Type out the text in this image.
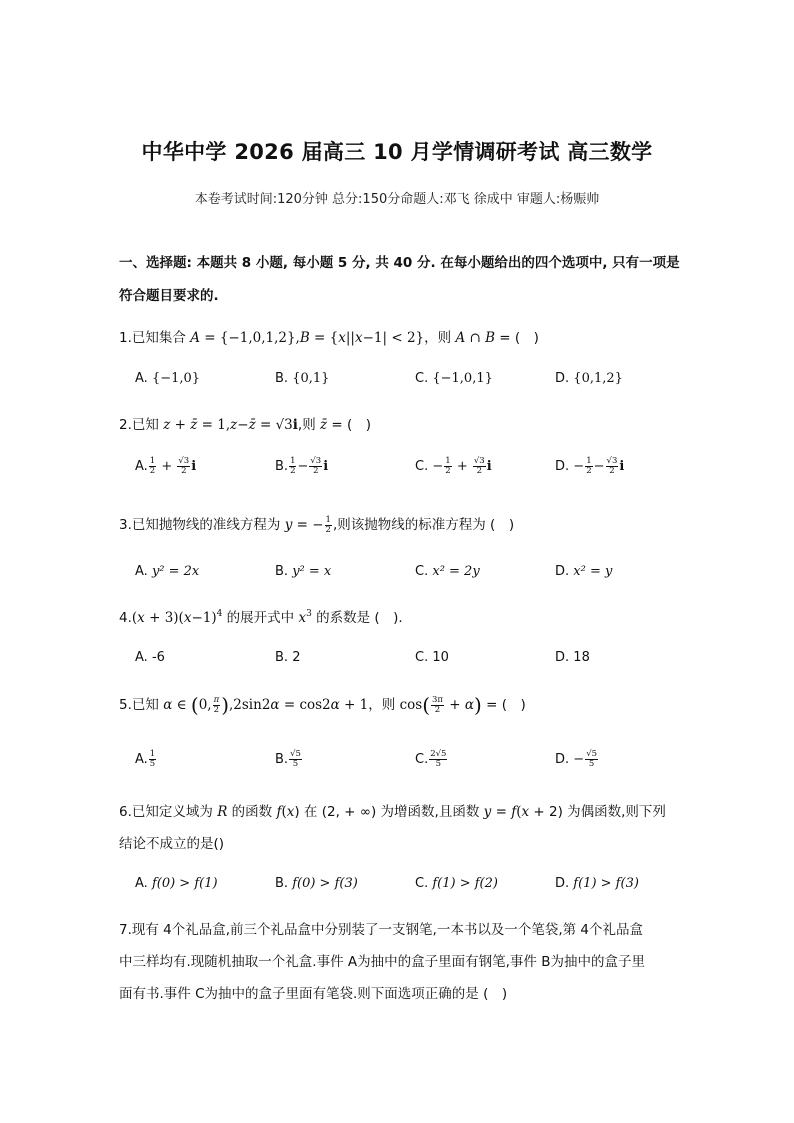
中华中学 2026 届高三 10 月学情调研考试 高三数学
本卷考试时间:120分钟 总分:150分命题人:邓飞 徐成中 审题人:杨赈帅
一、选择题: 本题共 8 小题, 每小题 5 分, 共 40 分. 在每小题给出的四个选项中, 只有一项是
符合题目要求的.
1.已知集合 A = {−1,0,1,2},B = {x||x−1| < 2}，则 A ∩ B = (　)
A. {−1,0}	B. {0,1}	C. {−1,0,1}	D. {0,1,2}
2.已知 z + z̄ = 1,z−z̄ = √3i,则 z̄ = (　)
A. $\frac{1}{2} + \frac{√3}{2}$ i	B. $\frac{1}{2} - \frac{√3}{2}$ i	C. − $\frac{1}{2} + \frac{√3}{2}$ i	D. − $\frac{1}{2} - \frac{√3}{2}$ i
3.已知抛物线的准线方程为 y = − $\frac{1}{2}$ ,则该抛物线的标准方程为 (　)
A. y² = 2x	B. y² = x	C. x² = 2y	D. x² = y
$4.(x + 3)(x-1)^4$ 的展开式中 $x^3$ 的系数是 (　).
A. -6	B. 2	C. 10	D. 18
5.已知 α ∈ (0, $\frac{\pi}{2} ),2\sin 2\alpha = \cos 2\alpha + 1$，则 $\cos( \frac{3\pi}{2} + \alpha)$ = (　)
A. $\frac{1}{5}$	B. $\frac{√5}{5}$	C. $\frac{2√5}{5}$	D. − $\frac{√5}{5}$
6.已知定义域为 R 的函数 f(x) 在 (2, + ∞) 为增函数,且函数 y = f(x + 2) 为偶函数,则下列
结论不成立的是()
A. f(0) > f(1)	B. f(0) > f(3)	C. f(1) > f(2)	D. f(1) > f(3)
7.现有 4个礼品盒,前三个礼品盒中分别装了一支钢笔,一本书以及一个笔袋,第 4个礼品盒
中三样均有.现随机抽取一个礼盒.事件 A为抽中的盒子里面有钢笔,事件 B为抽中的盒子里
面有书.事件 C为抽中的盒子里面有笔袋.则下面选项正确的是 (　)
